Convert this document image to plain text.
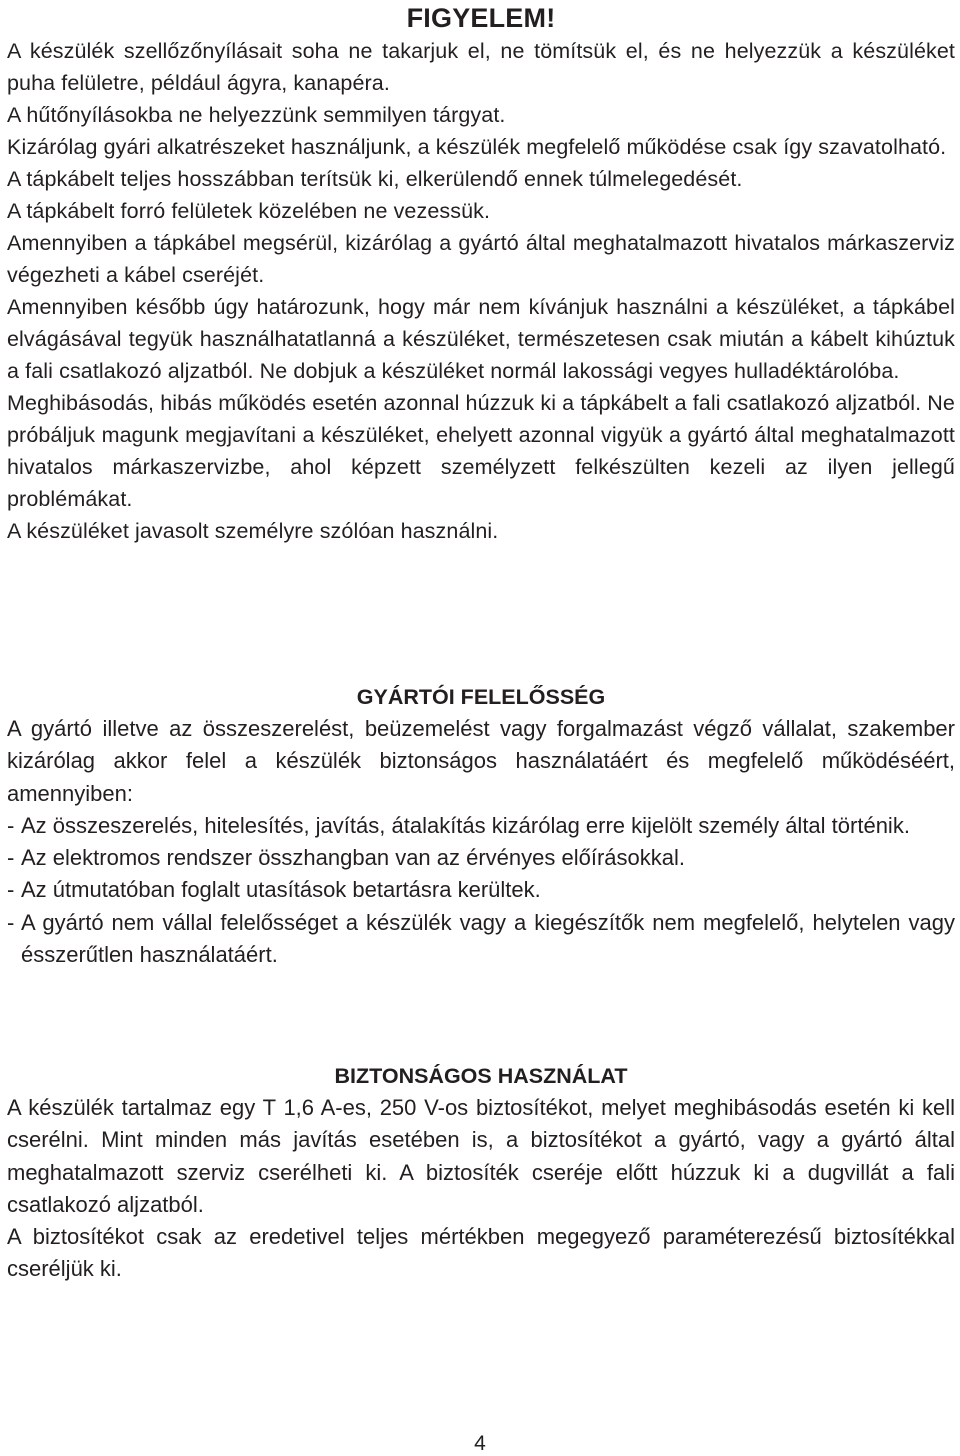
FIGYELEM!

A készülék szellőzőnyílásait soha ne takarjuk el, ne tömítsük el, és ne helyezzük a készüléket puha felületre, például ágyra, kanapéra.

A hűtőnyílásokba ne helyezzünk semmilyen tárgyat.

Kizárólag gyári alkatrészeket használjunk, a készülék megfelelő működése csak így szavatolható.

A tápkábelt teljes hosszábban terítsük ki, elkerülendő ennek túlmelegedését.

A tápkábelt forró felületek közelében ne vezessük.

Amennyiben a tápkábel megsérül, kizárólag a gyártó által meghatalmazott hivatalos márkaszerviz végezheti a kábel cseréjét.

Amennyiben később úgy határozunk, hogy már nem kívánjuk használni a készüléket, a tápkábel elvágásával tegyük használhatatlanná a készüléket, természetesen csak miután a kábelt kihúztuk a fali csatlakozó aljzatból. Ne dobjuk a készüléket normál lakossági vegyes hulladéktárolóba.

Meghibásodás, hibás működés esetén azonnal húzzuk ki a tápkábelt a fali csatlakozó aljzatból. Ne próbáljuk magunk megjavítani a készüléket, ehelyett azonnal vigyük a gyártó által meghatalmazott hivatalos márkaszervizbe, ahol képzett személyzett felkészülten kezeli az ilyen jellegű problémákat.

A készüléket javasolt személyre szólóan használni.

GYÁRTÓI FELELŐSSÉG

A gyártó illetve az összeszerelést, beüzemelést vagy forgalmazást végző vállalat, szakember kizárólag akkor felel a készülék biztonságos használatáért és megfelelő működéséért, amennyiben:

- Az összeszerelés, hitelesítés, javítás, átalakítás kizárólag erre kijelölt személy által történik.
- Az elektromos rendszer összhangban van az érvényes előírásokkal.
- Az útmutatóban foglalt utasítások betartásra kerültek.
- A gyártó nem vállal felelősséget a készülék vagy a kiegészítők nem megfelelő, helytelen vagy ésszerűtlen használatáért.
BIZTONSÁGOS HASZNÁLAT

A készülék tartalmaz egy T 1,6 A-es, 250 V-os biztosítékot, melyet meghibásodás esetén ki kell cserélni. Mint minden más javítás esetében is, a biztosítékot a gyártó, vagy a gyártó által meghatalmazott szerviz cserélheti ki. A biztosíték cseréje előtt húzzuk ki a dugvillát a fali csatlakozó aljzatból.

A biztosítékot csak az eredetivel teljes mértékben megegyező paraméterezésű biztosítékkal cseréljük ki.

4
